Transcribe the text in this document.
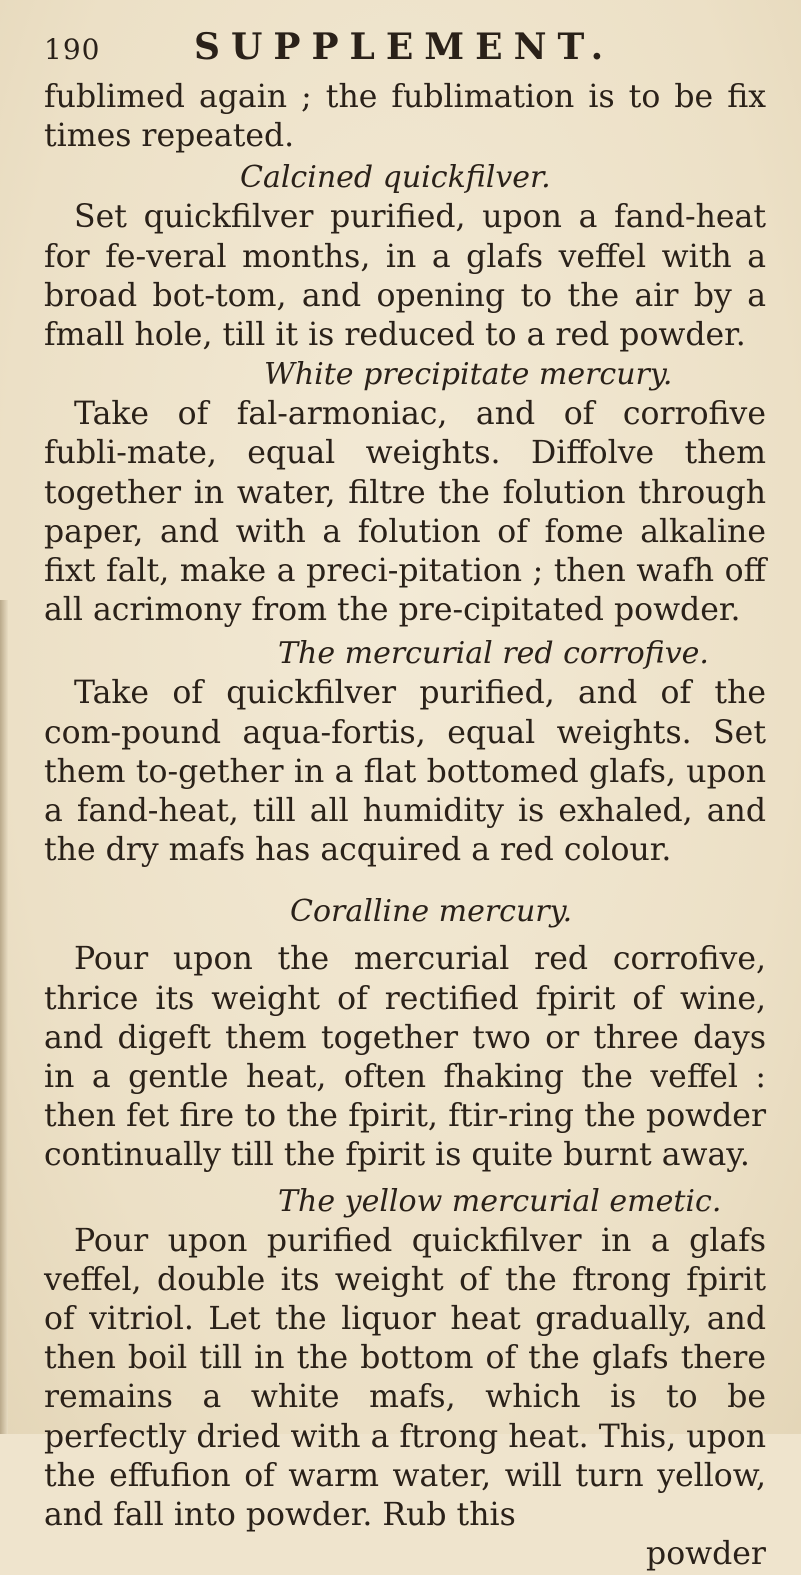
190	SUPPLEMENT.

fublimed again ; the fublimation is to be fix times repeated.

Calcined quickfilver.

Set quickfilver purified, upon a fand-heat for fe-veral months, in a glafs veffel with a broad bot-tom, and opening to the air by a fmall hole, till it is reduced to a red powder.

White precipitate mercury.

Take of fal-armoniac, and of corrofive fubli-mate, equal weights. Diffolve them together in water, filtre the folution through paper, and with a folution of fome alkaline fixt falt, make a preci-pitation ; then wafh off all acrimony from the pre-cipitated powder.

The mercurial red corrofive.

Take of quickfilver purified, and of the com-pound aqua-fortis, equal weights. Set them to-gether in a flat bottomed glafs, upon a fand-heat, till all humidity is exhaled, and the dry mafs has acquired a red colour.

Coralline mercury.

Pour upon the mercurial red corrofive, thrice its weight of rectified fpirit of wine, and digeft them together two or three days in a gentle heat, often fhaking the veffel : then fet fire to the fpirit, ftir-ring the powder continually till the fpirit is quite burnt away.

The yellow mercurial emetic.

Pour upon purified quickfilver in a glafs veffel, double its weight of the ftrong fpirit of vitriol. Let the liquor heat gradually, and then boil till in the bottom of the glafs there remains a white mafs, which is to be perfectly dried with a ftrong heat. This, upon the effufion of warm water, will turn yellow, and fall into powder. Rub this

powder
